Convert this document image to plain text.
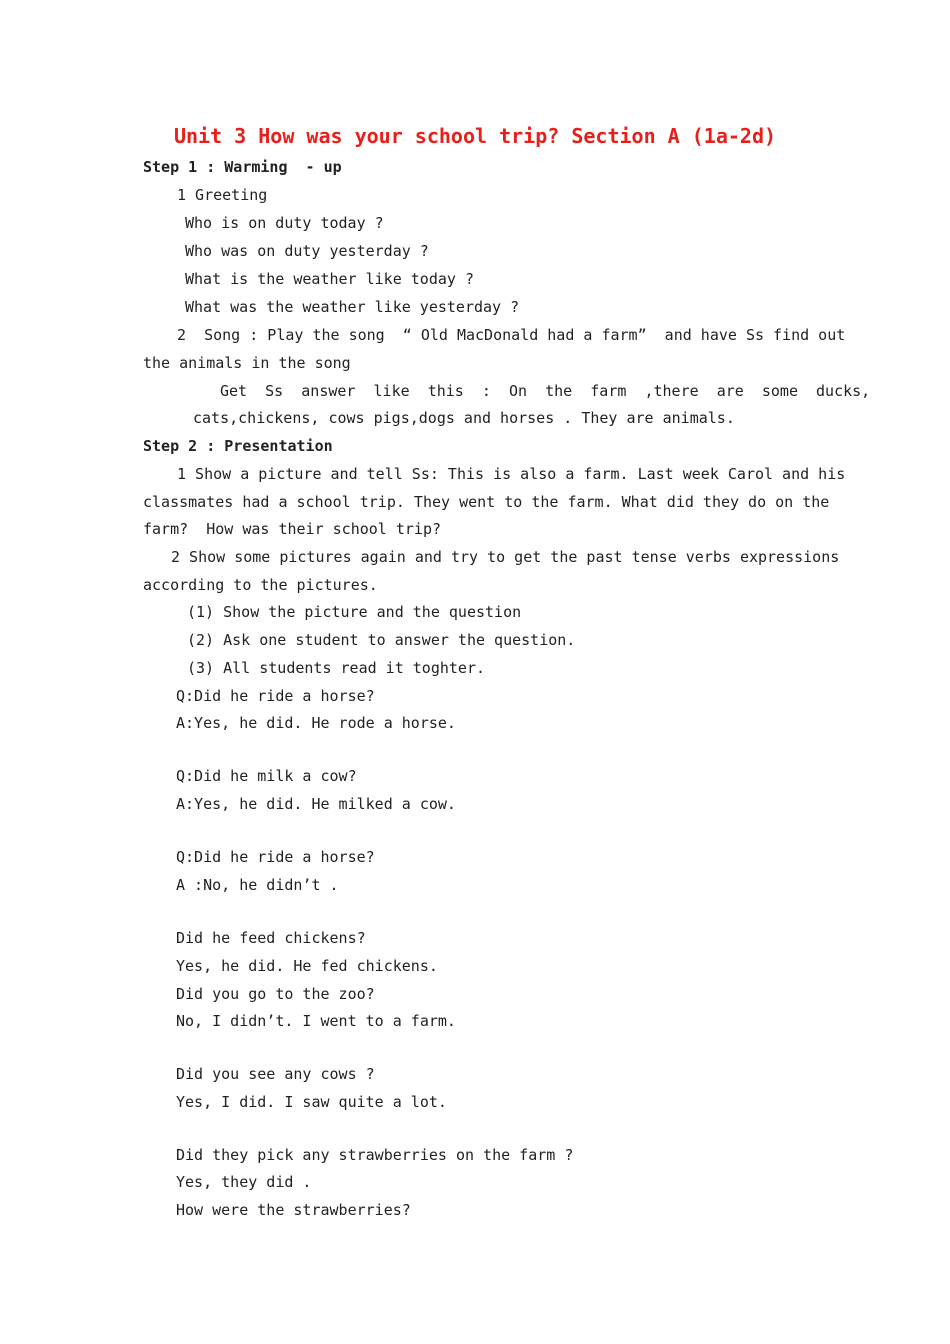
Unit 3 How was your school trip? Section A (1a-2d)
Step 1 : Warming  - up
1 Greeting
Who is on duty today ?
Who was on duty yesterday ?
What is the weather like today ?
What was the weather like yesterday ?
2  Song : Play the song  “ Old MacDonald had a farm”  and have Ss find out
the animals in the song
Get  Ss  answer  like  this  :  On  the  farm  ,there  are  some  ducks,
cats,chickens, cows pigs,dogs and horses . They are animals.
Step 2 : Presentation
1 Show a picture and tell Ss: This is also a farm. Last week Carol and his
classmates had a school trip. They went to the farm. What did they do on the
farm?  How was their school trip?
2 Show some pictures again and try to get the past tense verbs expressions
according to the pictures.
(1) Show the picture and the question
(2) Ask one student to answer the question.
(3) All students read it toghter.
Q:Did he ride a horse?
A:Yes, he did. He rode a horse.
Q:Did he milk a cow?
A:Yes, he did. He milked a cow.
Q:Did he ride a horse?
A :No, he didn’t .
Did he feed chickens?
Yes, he did. He fed chickens.
Did you go to the zoo?
No, I didn’t. I went to a farm.
Did you see any cows ?
Yes, I did. I saw quite a lot.
Did they pick any strawberries on the farm ?
Yes, they did .
How were the strawberries?
